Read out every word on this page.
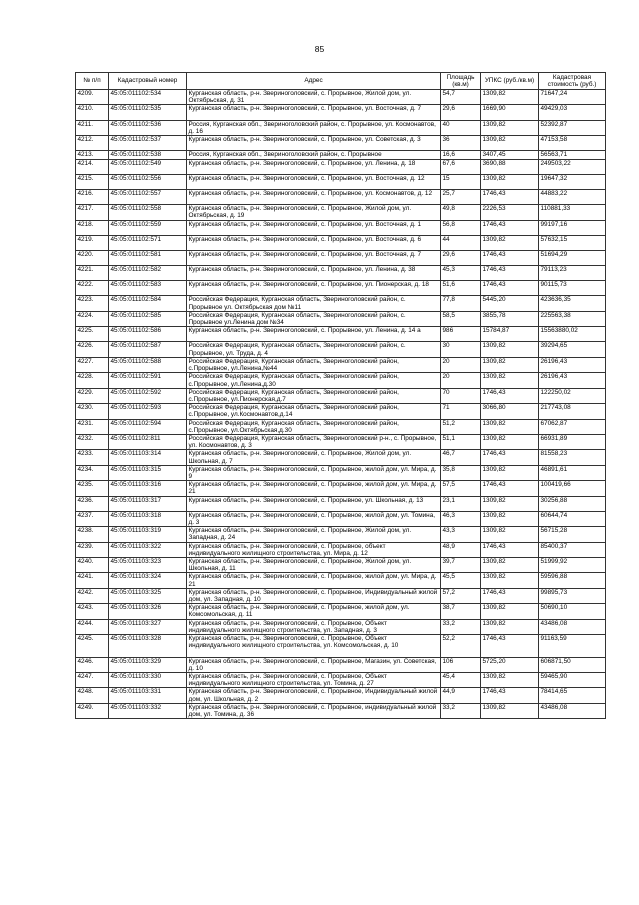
85
№ п/п	Кадастровый номер	Адрес	Площадь (кв.м)	УПКС (руб./кв.м)	Кадастровая стоимость (руб.)
4209.	45:05:011102:534	Курганская область, р-н. Звериноголовский, с. Прорывное, Жилой дом, ул. Октябрьская, д. 31	54,7	1309,82	71647,24
4210.	45:05:011102:535	Курганская область, р-н. Звериноголовский, с. Прорывное, ул. Восточная, д. 7	29,6	1669,90	49429,03
4211.	45:05:011102:536	Россия, Курганская обл., Звериноголовский район, с. Прорывное, ул. Космонавтов, д. 16	40	1309,82	52392,87
4212.	45:05:011102:537	Курганская область, р-н. Звериноголовский, с. Прорывное, ул. Советская, д. 3	36	1309,82	47153,58
4213.	45:05:011102:538	Россия, Курганская обл., Звериноголовский район, с. Прорывное	16,6	3407,45	56563,71
4214.	45:05:011102:549	Курганская область, р-н. Звериноголовский, с. Прорывное, ул. Ленина, д. 18	67,6	3690,88	249503,22
4215.	45:05:011102:556	Курганская область, р-н. Звериноголовский, с. Прорывное, ул. Восточная, д. 12	15	1309,82	19647,32
4216.	45:05:011102:557	Курганская область, р-н. Звериноголовский, с. Прорывное, ул. Космонавтов, д. 12	25,7	1746,43	44883,22
4217.	45:05:011102:558	Курганская область, р-н. Звериноголовский, с. Прорывное, Жилой дом, ул. Октябрьская, д. 19	49,8	2226,53	110881,33
4218.	45:05:011102:559	Курганская область, р-н. Звериноголовский, с. Прорывное, ул. Восточная, д. 1	56,8	1746,43	99197,16
4219.	45:05:011102:571	Курганская область, р-н. Звериноголовский, с. Прорывное, ул. Восточная, д. 6	44	1309,82	57632,15
4220.	45:05:011102:581	Курганская область, р-н. Звериноголовский, с. Прорывное, ул. Восточная, д. 7	29,6	1746,43	51694,29
4221.	45:05:011102:582	Курганская область, р-н. Звериноголовский, с. Прорывное, ул. Ленина, д. 38	45,3	1746,43	79113,23
4222.	45:05:011102:583	Курганская область, р-н. Звериноголовский, с. Прорывное, ул. Пионерская, д. 18	51,6	1746,43	90115,73
4223.	45:05:011102:584	Российская Федерация, Курганская область, Звериноголовский район, с. Прорывное ул. Октябрьская дом №11	77,8	5445,20	423636,35
4224.	45:05:011102:585	Российская Федерация, Курганская область, Звериноголовский район, с. Прорывное ул.Ленина дом №34	58,5	3855,78	225563,38
4225.	45:05:011102:586	Курганская область, р-н. Звериноголовский, с. Прорывное, ул. Ленина, д. 14 а	986	15784,87	15563880,02
4226.	45:05:011102:587	Российская Федерация, Курганская область, Звериноголовский район, с. Прорывное, ул. Труда, д. 4	30	1309,82	39294,65
4227.	45:05:011102:588	Российская Федерация, Курганская область, Звериноголовский район, с.Прорывное, ул.Ленина,№44	20	1309,82	26196,43
4228.	45:05:011102:591	Российская Федерация, Курганская область, Звериноголовский район, с.Прорывное, ул.Ленина,д.30	20	1309,82	26196,43
4229.	45:05:011102:592	Российская Федерация, Курганская область, Звериноголовский район, с.Прорывное, ул.Пионерская,д.7	70	1746,43	122250,02
4230.	45:05:011102:593	Российская Федерация, Курганская область, Звериноголовский район, с.Прорывное, ул.Космонавтов,д.14	71	3066,80	217743,08
4231.	45:05:011102:594	Российская Федерация, Курганская область, Звериноголовский район, с.Прорывное, ул.Октябрьская,д.30	51,2	1309,82	67062,87
4232.	45:05:011102:811	Российская Федерация, Курганская область, Звериноголовский р-н., с. Прорывное, ул. Космонавтов, д. 3	51,1	1309,82	66931,89
4233.	45:05:011103:314	Курганская область, р-н. Звериноголовский, с. Прорывное, Жилой дом, ул. Школьная, д. 7	46,7	1746,43	81558,23
4234.	45:05:011103:315	Курганская область, р-н. Звериноголовский, с. Прорывное, жилой дом, ул. Мира, д. 9	35,8	1309,82	46891,61
4235.	45:05:011103:316	Курганская область, р-н. Звериноголовский, с. Прорывное, жилой дом, ул. Мира, д. 21	57,5	1746,43	100419,66
4236.	45:05:011103:317	Курганская область, р-н. Звериноголовский, с. Прорывное, ул. Школьная, д. 13	23,1	1309,82	30256,88
4237.	45:05:011103:318	Курганская область, р-н. Звериноголовский, с. Прорывное, жилой дом, ул. Томина, д. 3	46,3	1309,82	60644,74
4238.	45:05:011103:319	Курганская область, р-н. Звериноголовский, с. Прорывное, Жилой дом, ул. Западная, д. 24	43,3	1309,82	56715,28
4239.	45:05:011103:322	Курганская область, р-н. Звериноголовский, с. Прорывное, объект индивидуального жилищного строительства, ул. Мира, д. 12	48,9	1746,43	85400,37
4240.	45:05:011103:323	Курганская область, р-н. Звериноголовский, с. Прорывное, Жилой дом, ул. Школьная, д. 11	39,7	1309,82	51999,92
4241.	45:05:011103:324	Курганская область, р-н. Звериноголовский, с. Прорывное, жилой дом, ул. Мира, д. 21	45,5	1309,82	59596,88
4242.	45:05:011103:325	Курганская область, р-н. Звериноголовский, с. Прорывное, Индивидуальный жилой дом, ул. Западная, д. 10	57,2	1746,43	99895,73
4243.	45:05:011103:326	Курганская область, р-н. Звериноголовский, с. Прорывное, жилой дом, ул. Комсомольская, д. 11	38,7	1309,82	50690,10
4244.	45:05:011103:327	Курганская область, р-н. Звериноголовский, с. Прорывное, Объект индивидуального жилищного строительства, ул. Западная, д. 3	33,2	1309,82	43486,08
4245.	45:05:011103:328	Курганская область, р-н. Звериноголовский, с. Прорывное, Объект индивидуального жилищного строительства, ул. Комсомольская, д. 10	52,2	1746,43	91163,59
4246.	45:05:011103:329	Курганская область, р-н. Звериноголовский, с. Прорывное, Магазин, ул. Советская, д. 10	106	5725,20	606871,50
4247.	45:05:011103:330	Курганская область, р-н. Звериноголовский, с. Прорывное, Объект индивидуального жилищного строительства, ул. Томина, д. 27	45,4	1309,82	59465,90
4248.	45:05:011103:331	Курганская область, р-н. Звериноголовский, с. Прорывное, Индивидуальный жилой дом, ул. Школьная, д. 2	44,9	1746,43	78414,65
4249.	45:05:011103:332	Курганская область, р-н. Звериноголовский, с. Прорывное, индивидуальный жилой дом, ул. Томина, д. 36	33,2	1309,82	43486,08
